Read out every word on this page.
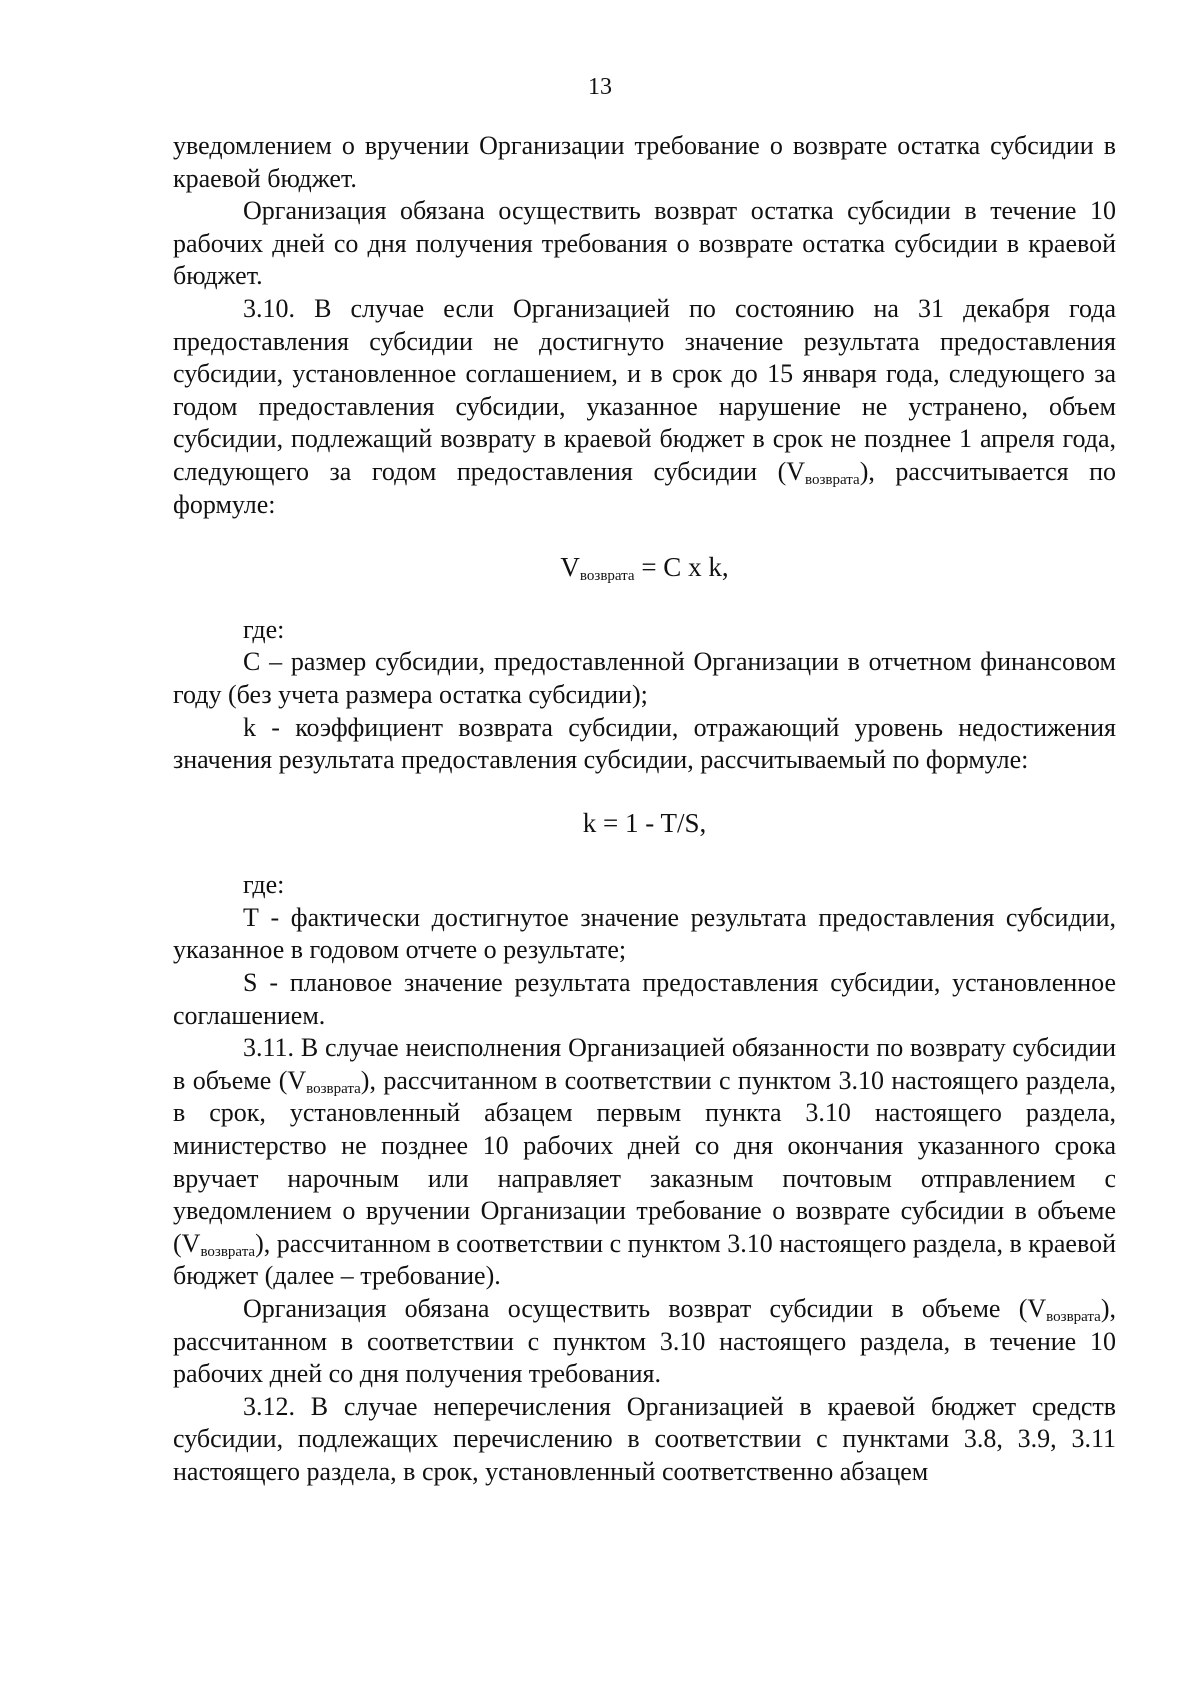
13

уведомлением о вручении Организации требование о возврате остатка субсидии в краевой бюджет.

Организация обязана осуществить возврат остатка субсидии в течение 10 рабочих дней со дня получения требования о возврате остатка субсидии в краевой бюджет.

3.10. В случае если Организацией по состоянию на 31 декабря года предоставления субсидии не достигнуто значение результата предоставления субсидии, установленное соглашением, и в срок до 15 января года, следующего за годом предоставления субсидии, указанное нарушение не устранено, объем субсидии, подлежащий возврату в краевой бюджет в срок не позднее 1 апреля года, следующего за годом предоставления субсидии $(V_{возврата})$, рассчитывается по формуле:

$V_{возврата} = C$ x k,

где:

С – размер субсидии, предоставленной Организации в отчетном финансовом году (без учета размера остатка субсидии);

k - коэффициент возврата субсидии, отражающий уровень недостижения значения результата предоставления субсидии, рассчитываемый по формуле:

k = 1 - T/S,

где:

Т - фактически достигнутое значение результата предоставления субсидии, указанное в годовом отчете о результате;

S - плановое значение результата предоставления субсидии, установленное соглашением.

3.11. В случае неисполнения Организацией обязанности по возврату субсидии в объеме $(V_{возврата})$, рассчитанном в соответствии с пунктом 3.10 настоящего раздела, в срок, установленный абзацем первым пункта 3.10 настоящего раздела, министерство не позднее 10 рабочих дней со дня окончания указанного срока вручает нарочным или направляет заказным почтовым отправлением с уведомлением о вручении Организации требование о возврате субсидии в объеме $(V_{возврата})$, рассчитанном в соответствии с пунктом 3.10 настоящего раздела, в краевой бюджет (далее – требование).

Организация обязана осуществить возврат субсидии в объеме $(V_{возврата})$, рассчитанном в соответствии с пунктом 3.10 настоящего раздела, в течение 10 рабочих дней со дня получения требования.

3.12. В случае неперечисления Организацией в краевой бюджет средств субсидии, подлежащих перечислению в соответствии с пунктами 3.8, 3.9, 3.11 настоящего раздела, в срок, установленный соответственно абзацем
